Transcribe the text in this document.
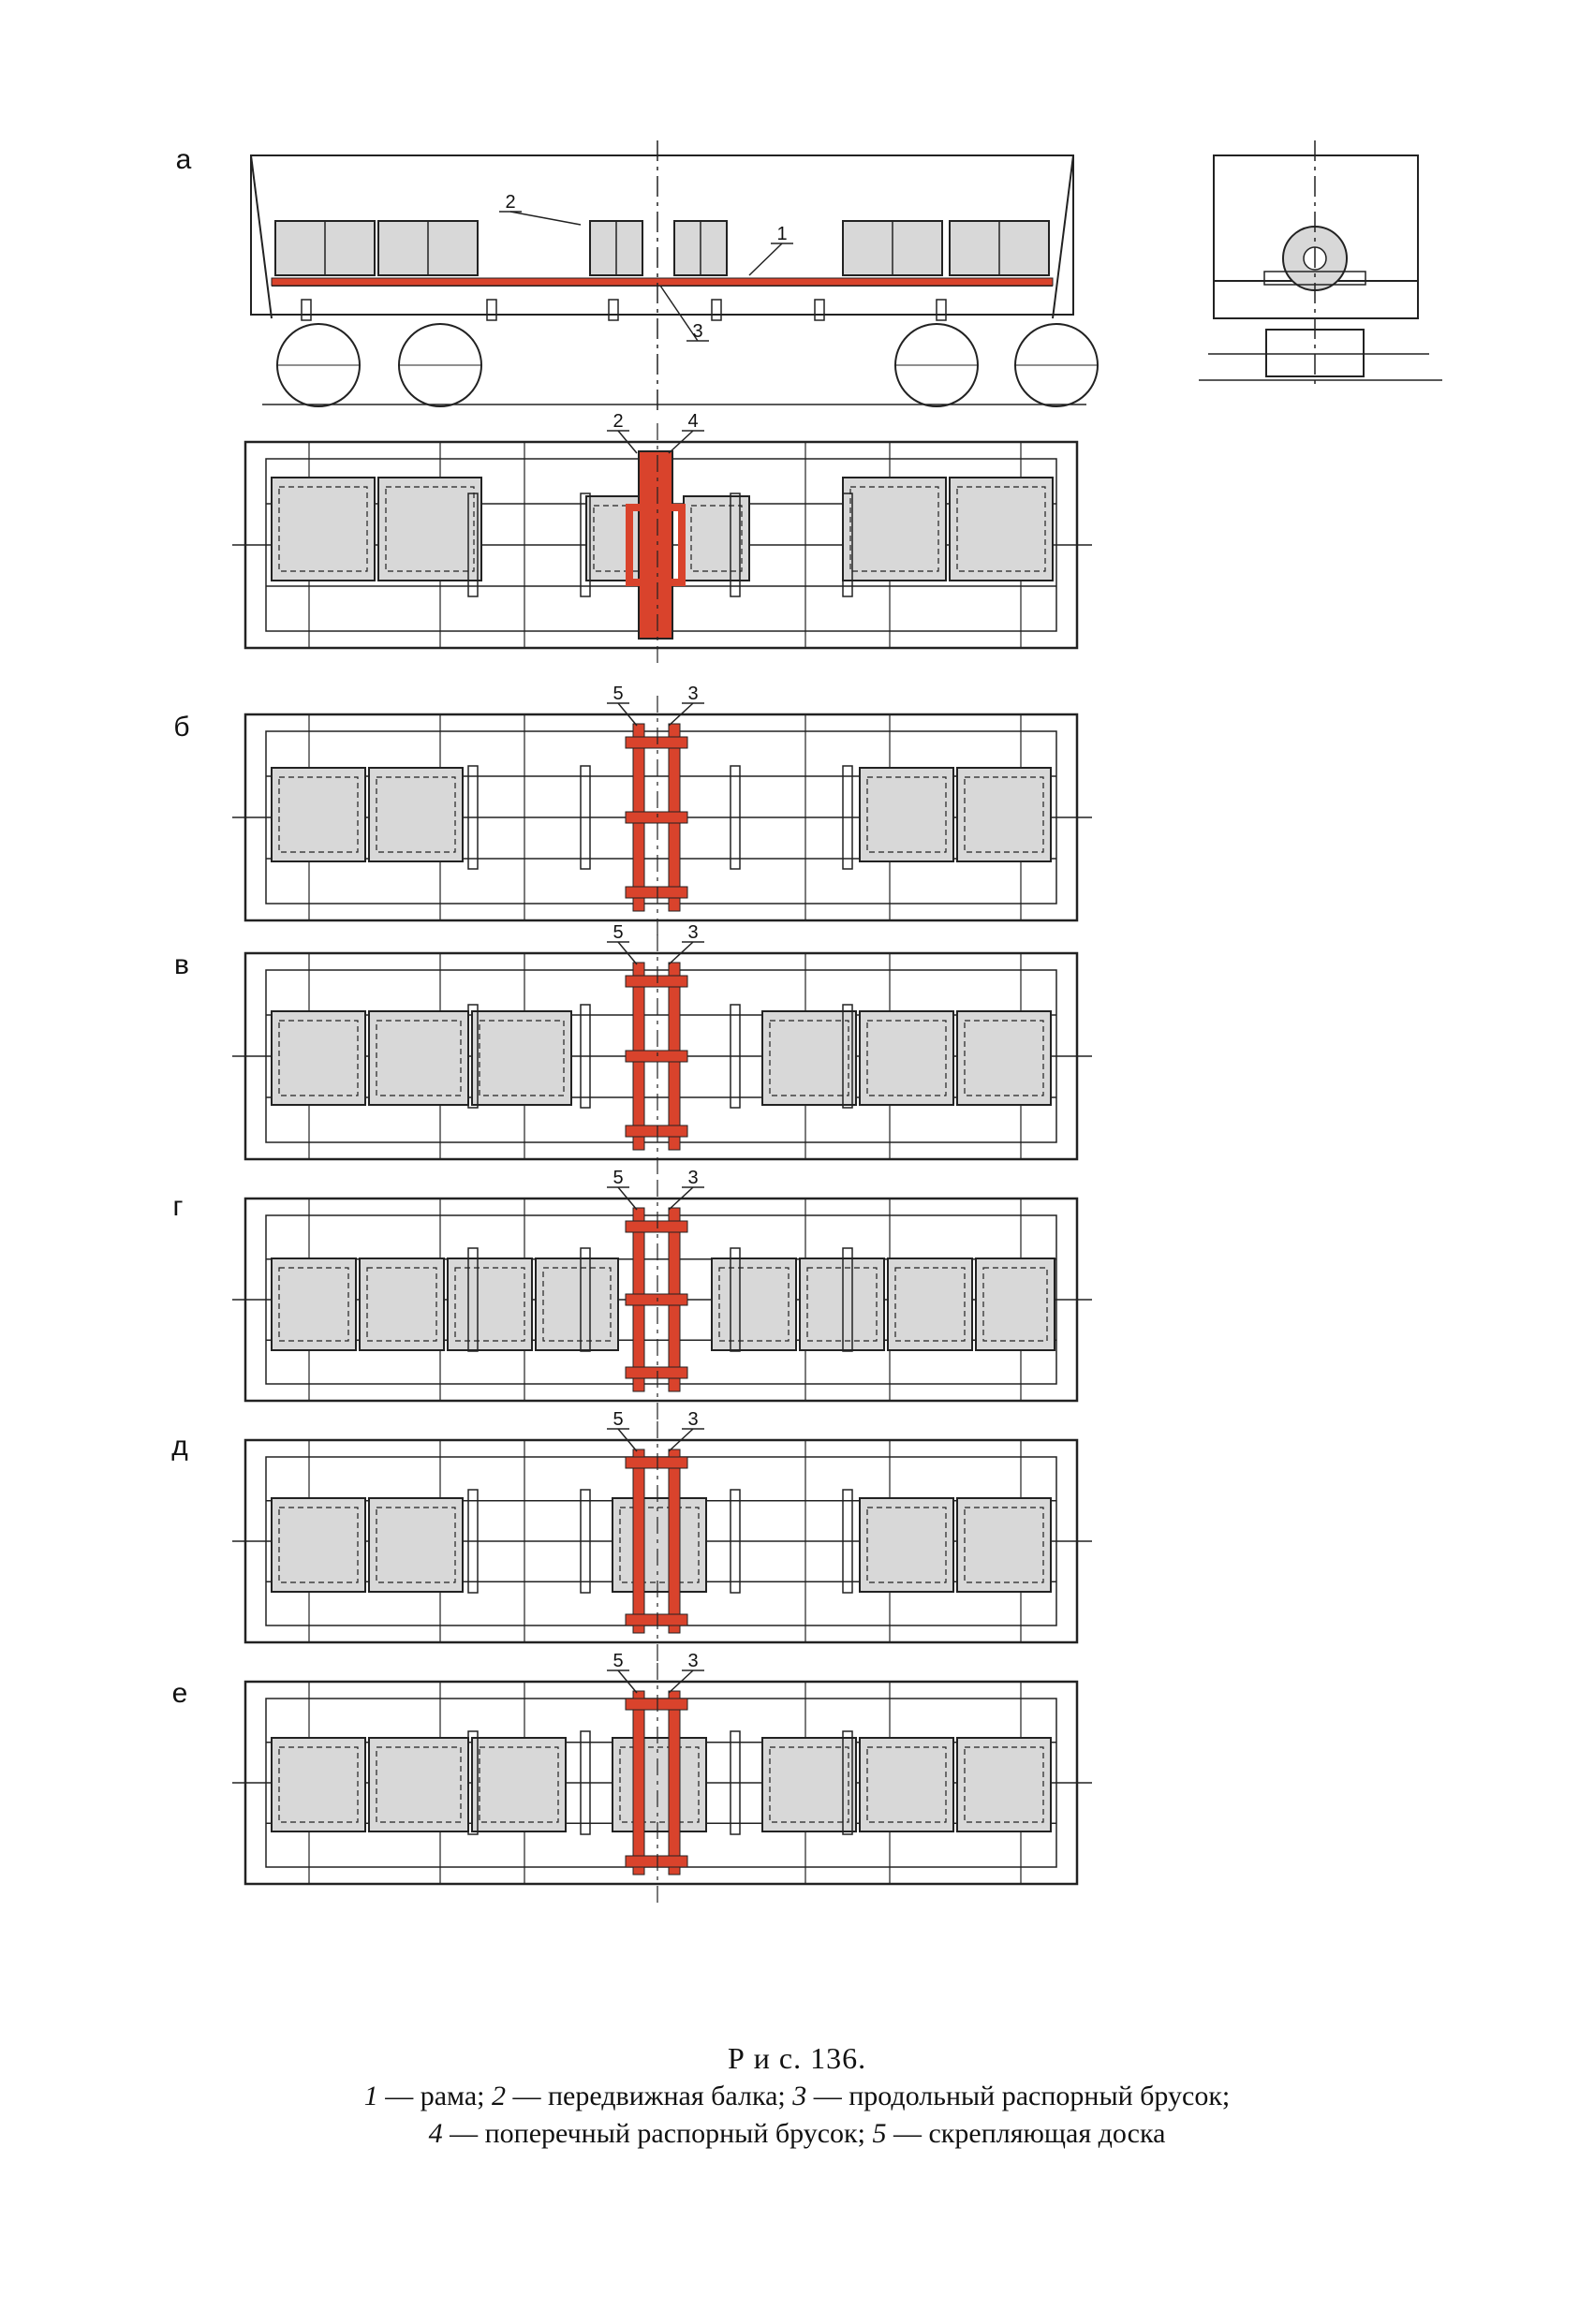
2
1
3
2	4
5	3
5	3
5	3
5	3
5	3
а
б
в
г
д
е
Р и с. 136.
1 — рама; 2 — передвижная балка; 3 — продольный распорный брусок;
4 — поперечный распорный брусок; 5 — скрепляющая доска
